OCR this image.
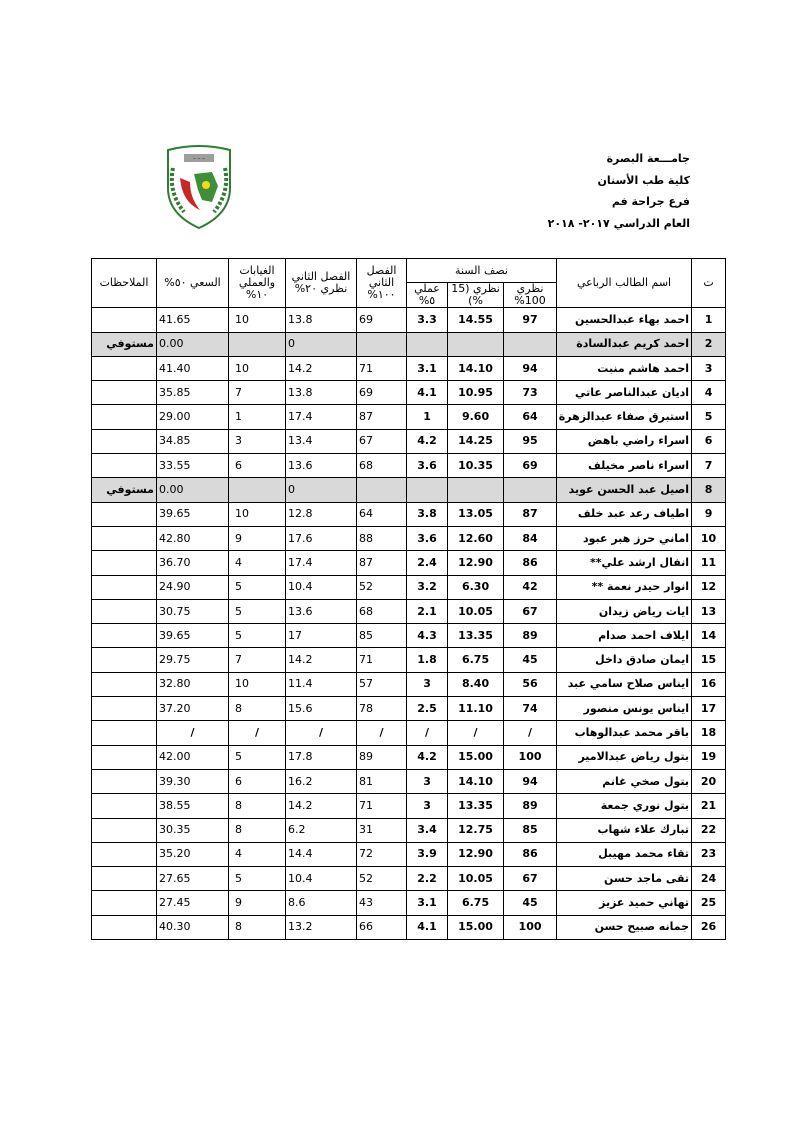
جامـــعة البصرة
كلية طب الأسنان
فرع جراحة فم
العام الدراسي ٢٠١٧- ٢٠١٨
~ ~ ~
ت	اسم الطالب الرباعي	نصف السنة			الفصل الثاني ١٠٠%	الفصل الثاني نظري ٢٠%	الغيابات والعملي ١٠%	السعي ٥٠%	الملاحظات
		نظري 100%	نظري (15 %)	عملي ٥%					
1	احمد بهاء عبدالحسين	97	14.55	3.3	69	13.8	10	41.65	
2	احمد كريم عبدالسادة					0		0.00	مستوفي
3	احمد هاشم منبت	94	14.10	3.1	71	14.2	10	41.40	
4	اديان عبدالناصر عاتي	73	10.95	4.1	69	13.8	7	35.85	
5	استبرق صفاء عبدالزهرة	64	9.60	1	87	17.4	1	29.00	
6	اسراء راضي باهض	95	14.25	4.2	67	13.4	3	34.85	
7	اسراء ناصر مخيلف	69	10.35	3.6	68	13.6	6	33.55	
8	اصيل عبد الحسن عويد					0		0.00	مستوفي
9	اطياف رعد عبد خلف	87	13.05	3.8	64	12.8	10	39.65	
10	اماني حرز هبر عبود	84	12.60	3.6	88	17.6	9	42.80	
11	انفال ارشد علي**	86	12.90	2.4	87	17.4	4	36.70	
12	انوار حيدر نعمة **	42	6.30	3.2	52	10.4	5	24.90	
13	ايات رياض زيدان	67	10.05	2.1	68	13.6	5	30.75	
14	ايلاف احمد صدام	89	13.35	4.3	85	17	5	39.65	
15	ايمان صادق داخل	45	6.75	1.8	71	14.2	7	29.75	
16	ايناس صلاح سامي عبد	56	8.40	3	57	11.4	10	32.80	
17	ايناس يونس منصور	74	11.10	2.5	78	15.6	8	37.20	
18	باقر محمد عبدالوهاب	/	/	/	/	/	/	/	
19	بتول رياض عبدالامير	100	15.00	4.2	89	17.8	5	42.00	
20	بتول صخي غانم	94	14.10	3	81	16.2	6	39.30	
21	بتول نوري جمعة	89	13.35	3	71	14.2	8	38.55	
22	تبارك علاء شهاب	85	12.75	3.4	31	6.2	8	30.35	
23	تقاء محمد مهيبل	86	12.90	3.9	72	14.4	4	35.20	
24	تقى ماجد حسن	67	10.05	2.2	52	10.4	5	27.65	
25	تهاني حميد عزيز	45	6.75	3.1	43	8.6	9	27.45	
26	جمانه صبيح حسن	100	15.00	4.1	66	13.2	8	40.30	
